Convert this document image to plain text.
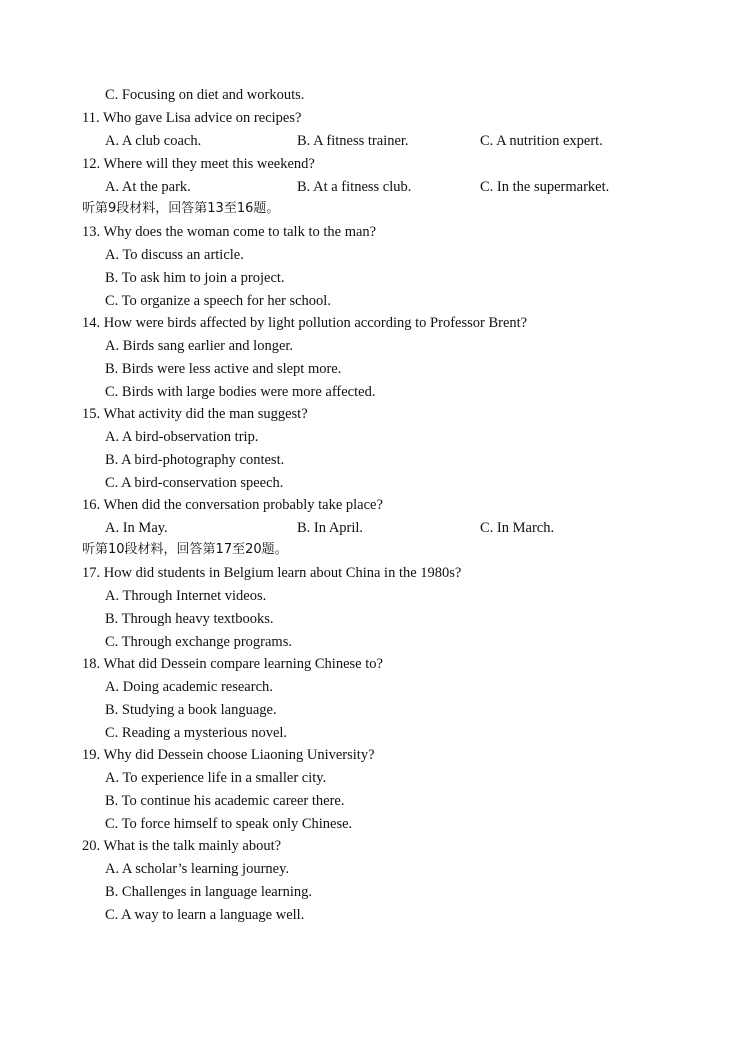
C. Focusing on diet and workouts.
11. Who gave Lisa advice on recipes?
A. A club coach.	B. A fitness trainer.	C. A nutrition expert.
12. Where will they meet this weekend?
A. At the park.	B. At a fitness club.	C. In the supermarket.
听第9段材料，回答第13至16题。
13. Why does the woman come to talk to the man?
A. To discuss an article.
B. To ask him to join a project.
C. To organize a speech for her school.
14. How were birds affected by light pollution according to Professor Brent?
A. Birds sang earlier and longer.
B. Birds were less active and slept more.
C. Birds with large bodies were more affected.
15. What activity did the man suggest?
A. A bird-observation trip.
B. A bird-photography contest.
C. A bird-conservation speech.
16. When did the conversation probably take place?
A. In May.	B. In April.	C. In March.
听第10段材料，回答第17至20题。
17. How did students in Belgium learn about China in the 1980s?
A. Through Internet videos.
B. Through heavy textbooks.
C. Through exchange programs.
18. What did Dessein compare learning Chinese to?
A. Doing academic research.
B. Studying a book language.
C. Reading a mysterious novel.
19. Why did Dessein choose Liaoning University?
A. To experience life in a smaller city.
B. To continue his academic career there.
C. To force himself to speak only Chinese.
20. What is the talk mainly about?
A. A scholar’s learning journey.
B. Challenges in language learning.
C. A way to learn a language well.
